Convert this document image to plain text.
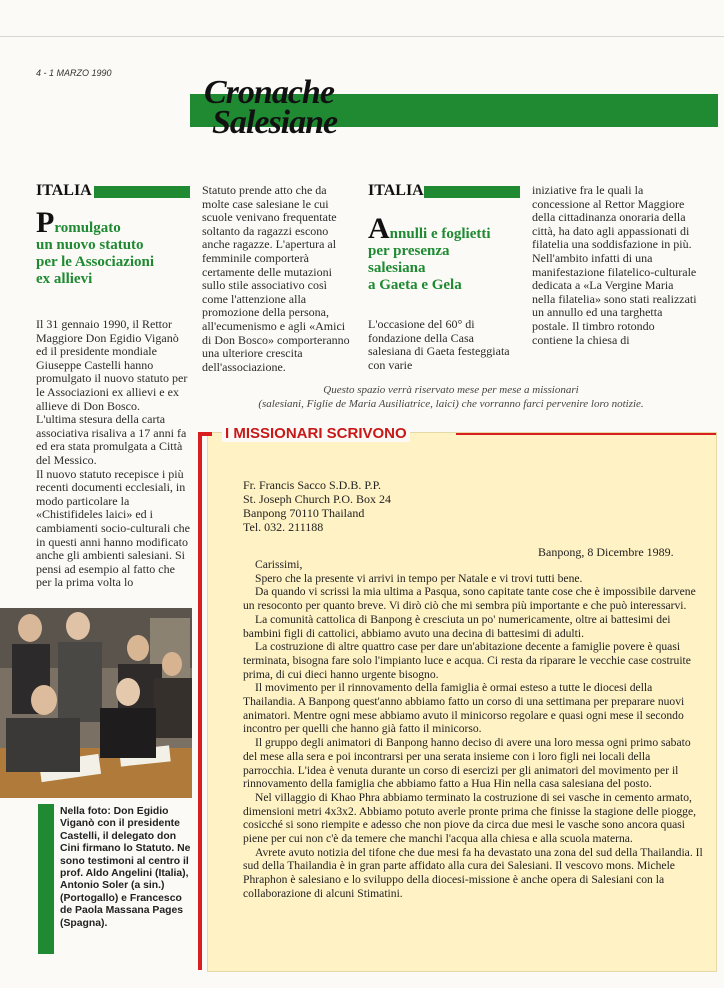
4 - 1 MARZO 1990
Cronache
Salesiane
ITALIA
Promulgato
un nuovo statuto
per le Associazioni
ex allievi

Il 31 gennaio 1990, il Rettor Maggiore Don Egidio Viganò ed il presidente mondiale Giuseppe Castelli hanno promulgato il nuovo statuto per le Associazioni ex allievi e ex allieve di Don Bosco.

L'ultima stesura della carta associativa risaliva a 17 anni fa ed era stata promulgata a Città del Messico.

Il nuovo statuto recepisce i più recenti documenti ecclesiali, in modo particolare la «Chistifideles laici» ed i cambiamenti socio-culturali che in questi anni hanno modificato anche gli ambienti salesiani. Si pensi ad esempio al fatto che per la prima volta lo

Statuto prende atto che da molte case salesiane le cui scuole venivano frequentate soltanto da ragazzi escono anche ragazze. L'apertura al femminile comporterà certamente delle mutazioni sullo stile associativo così come l'attenzione alla promozione della persona, all'ecumenismo e agli «Amici di Don Bosco» comporteranno una ulteriore crescita dell'associazione.

ITALIA
Annulli e foglietti
per presenza
salesiana
a Gaeta e Gela

L'occasione del 60° di fondazione della Casa salesiana di Gaeta festeggiata con varie

iniziative fra le quali la concessione al Rettor Maggiore della cittadinanza onoraria della città, ha dato agli appassionati di filatelia una soddisfazione in più. Nell'ambito infatti di una manifestazione filatelico-culturale dedicata a «La Vergine Maria nella filatelia» sono stati realizzati un annullo ed una targhetta postale. Il timbro rotondo contiene la chiesa di

Questo spazio verrà riservato mese per mese a missionari
(salesiani, Figlie de Maria Ausiliatrice, laici) che vorranno farci pervenire loro notizie.
I MISSIONARI SCRIVONO
Fr. Francis Sacco S.D.B. P.P.
St. Joseph Church P.O. Box 24
Banpong 70110 Thailand
Tel. 032. 211188
Banpong, 8 Dicembre 1989.

Carissimi,

Spero che la presente vi arrivi in tempo per Natale e vi trovi tutti bene.

Da quando vi scrissi la mia ultima a Pasqua, sono capitate tante cose che è impossibile darvene un resoconto per quanto breve. Vi dirò ciò che mi sembra più importante e che può interessarvi.

La comunità cattolica di Banpong è cresciuta un po' numericamente, oltre ai battesimi dei bambini figli di cattolici, abbiamo avuto una decina di battesimi di adulti.

La costruzione di altre quattro case per dare un'abitazione decente a famiglie povere è quasi terminata, bisogna fare solo l'impianto luce e acqua. Ci resta da riparare le vecchie case costruite prima, di cui dieci hanno urgente bisogno.

Il movimento per il rinnovamento della famiglia è ormai esteso a tutte le diocesi della Thailandia. A Banpong quest'anno abbiamo fatto un corso di una settimana per preparare nuovi animatori. Mentre ogni mese abbiamo avuto il minicorso regolare e quasi ogni mese il secondo incontro per quelli che hanno già fatto il minicorso.

Il gruppo degli animatori di Banpong hanno deciso di avere una loro messa ogni primo sabato del mese alla sera e poi incontrarsi per una serata insieme con i loro figli nei locali della parrocchia. L'idea è venuta durante un corso di esercizi per gli animatori del movimento per il rinnovamento della famiglia che abbiamo fatto a Hua Hin nella casa salesiana del posto.

Nel villaggio di Khao Phra abbiamo terminato la costruzione di sei vasche in cemento armato, dimensioni metri 4x3x2. Abbiamo potuto averle pronte prima che finisse la stagione delle piogge, cosicché si sono riempite e adesso che non piove da circa due mesi le vasche sono ancora quasi piene per cui non c'è da temere che manchi l'acqua alla chiesa e alla scuola materna.

Avrete avuto notizia del tifone che due mesi fa ha devastato una zona del sud della Thailandia. Il sud della Thailandia è in gran parte affidato alla cura dei Salesiani. Il vescovo mons. Michele Phraphon è salesiano e lo sviluppo della diocesi-missione è anche opera di Salesiani con la collaborazione di alcuni Stimatini.

Nella foto: Don Egidio Viganò con il presidente Castelli, il delegato don Cini firmano lo Statuto. Ne sono testimoni al centro il prof. Aldo Angelini (Italia), Antonio Soler (a sin.) (Portogallo) e Francesco de Paola Massana Pages (Spagna).
